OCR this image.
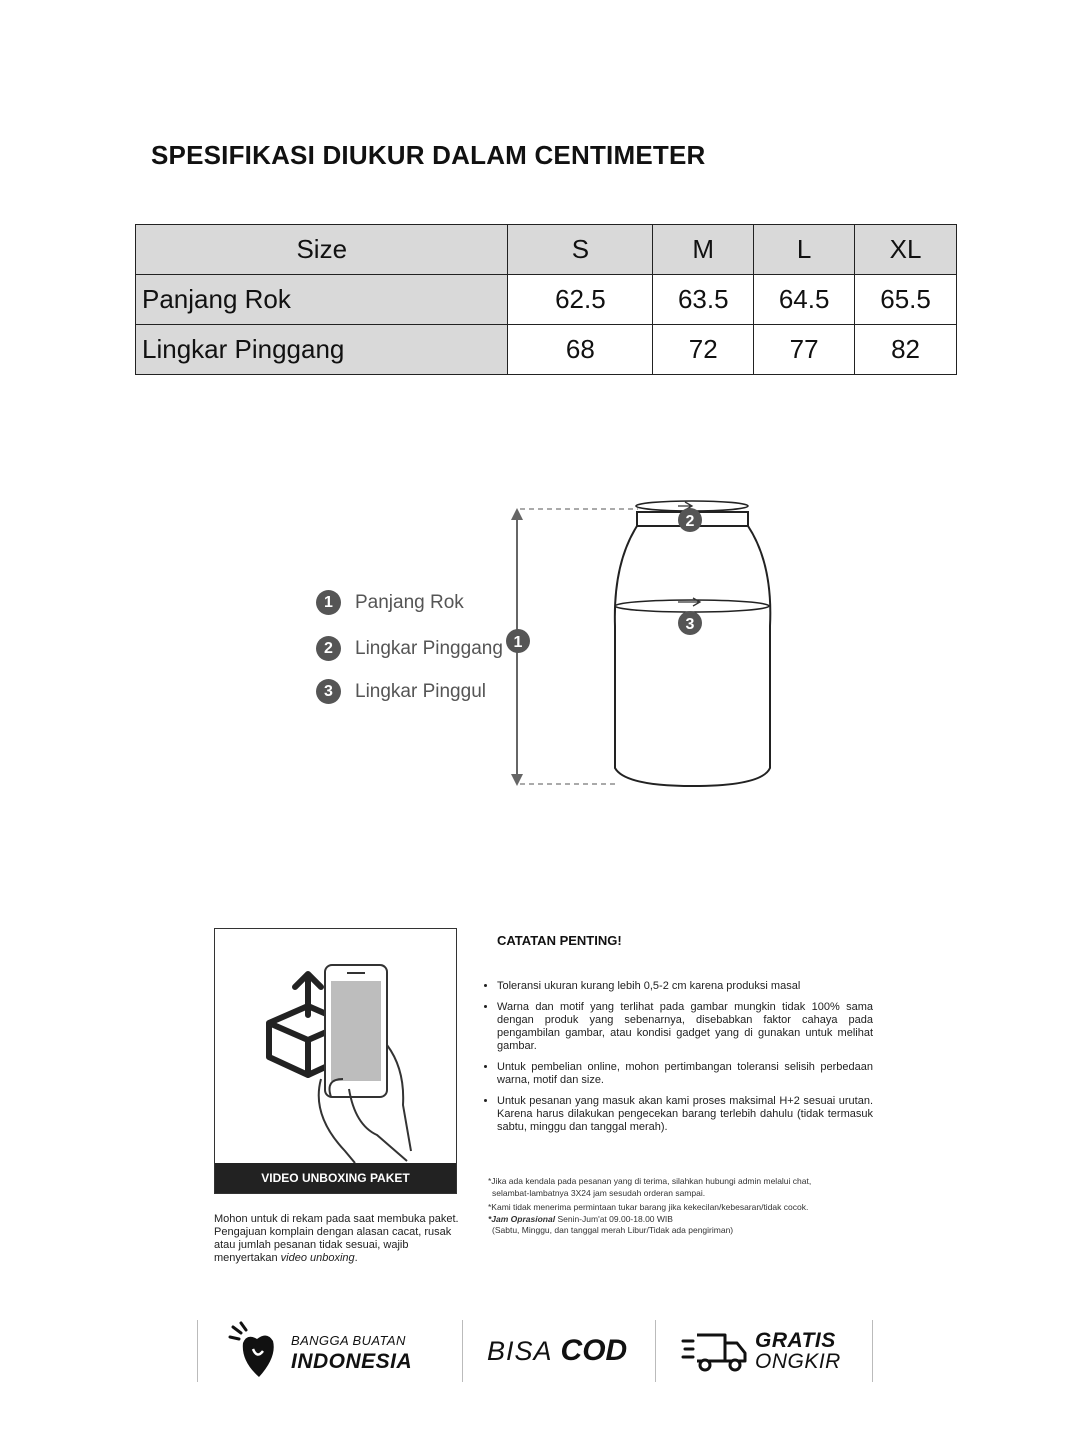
SPESIFIKASI DIUKUR DALAM CENTIMETER
Size	S	M	L	XL
Panjang Rok	62.5	63.5	64.5	65.5
Lingkar Pinggang	68	72	77	82
1	Panjang Rok
2	Lingkar Pinggang
3	Lingkar Pinggul
1
2
3
VIDEO UNBOXING PAKET
Mohon untuk di rekam pada saat membuka paket. Pengajuan komplain dengan alasan cacat, rusak atau jumlah pesanan tidak sesuai, wajib menyertakan video unboxing.
CATATAN PENTING!
• Toleransi ukuran kurang lebih 0,5-2 cm karena produksi masal
• Warna dan motif yang terlihat pada gambar mungkin tidak 100% sama dengan produk yang sebenarnya, disebabkan faktor cahaya pada pengambilan gambar, atau kondisi gadget yang di gunakan untuk melihat gambar.
• Untuk pembelian online, mohon pertimbangan toleransi selisih perbedaan warna, motif dan size.
• Untuk pesanan yang masuk akan kami proses maksimal H+2 sesuai urutan. Karena harus dilakukan pengecekan barang terlebih dahulu (tidak termasuk sabtu, minggu dan tanggal merah).
*Jika ada kendala pada pesanan yang di terima, silahkan hubungi admin melalui chat,
selambat-lambatnya 3X24 jam sesudah orderan sampai.
*Kami tidak menerima permintaan tukar barang jika kekecilan/kebesaran/tidak cocok.
*Jam Oprasional Senin-Jum'at 09.00-18.00 WIB
(Sabtu, Minggu, dan tanggal merah Libur/Tidak ada pengiriman)
BANGGA BUATAN
INDONESIA	BISA COD	GRATIS
ONGKIR
